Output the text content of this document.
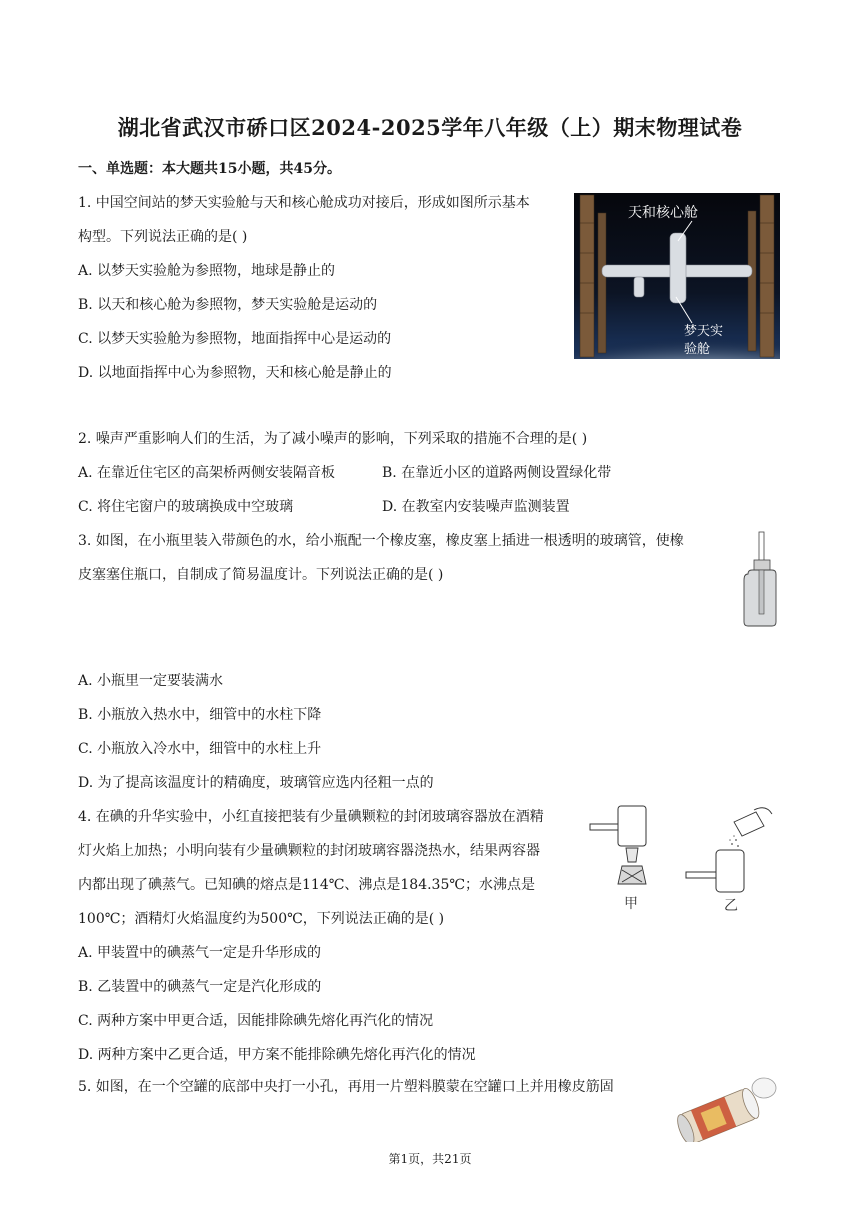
湖北省武汉市硚口区2024-2025学年八年级（上）期末物理试卷
一、单选题：本大题共15小题，共45分。
1. 中国空间站的梦天实验舱与天和核心舱成功对接后，形成如图所示基本
构型。下列说法正确的是( )
A. 以梦天实验舱为参照物，地球是静止的
B. 以天和核心舱为参照物，梦天实验舱是运动的
C. 以梦天实验舱为参照物，地面指挥中心是运动的
D. 以地面指挥中心为参照物，天和核心舱是静止的
天和核心舱
梦天实
验舱
2. 噪声严重影响人们的生活，为了减小噪声的影响，下列采取的措施不合理的是( )
A. 在靠近住宅区的高架桥两侧安装隔音板	B. 在靠近小区的道路两侧设置绿化带
C. 将住宅窗户的玻璃换成中空玻璃	D. 在教室内安装噪声监测装置
3. 如图，在小瓶里装入带颜色的水，给小瓶配一个橡皮塞，橡皮塞上插进一根透明的玻璃管，使橡
皮塞塞住瓶口，自制成了简易温度计。下列说法正确的是( )
A. 小瓶里一定要装满水
B. 小瓶放入热水中，细管中的水柱下降
C. 小瓶放入冷水中，细管中的水柱上升
D. 为了提高该温度计的精确度，玻璃管应选内径粗一点的
4. 在碘的升华实验中，小红直接把装有少量碘颗粒的封闭玻璃容器放在酒精
灯火焰上加热；小明向装有少量碘颗粒的封闭玻璃容器浇热水，结果两容器
内都出现了碘蒸气。已知碘的熔点是114℃、沸点是184.35℃；水沸点是
100℃；酒精灯火焰温度约为500℃，下列说法正确的是( )
甲	乙
A. 甲装置中的碘蒸气一定是升华形成的
B. 乙装置中的碘蒸气一定是汽化形成的
C. 两种方案中甲更合适，因能排除碘先熔化再汽化的情况
D. 两种方案中乙更合适，甲方案不能排除碘先熔化再汽化的情况
5. 如图，在一个空罐的底部中央打一小孔，再用一片塑料膜蒙在空罐口上并用橡皮筋固
第1页，共21页
